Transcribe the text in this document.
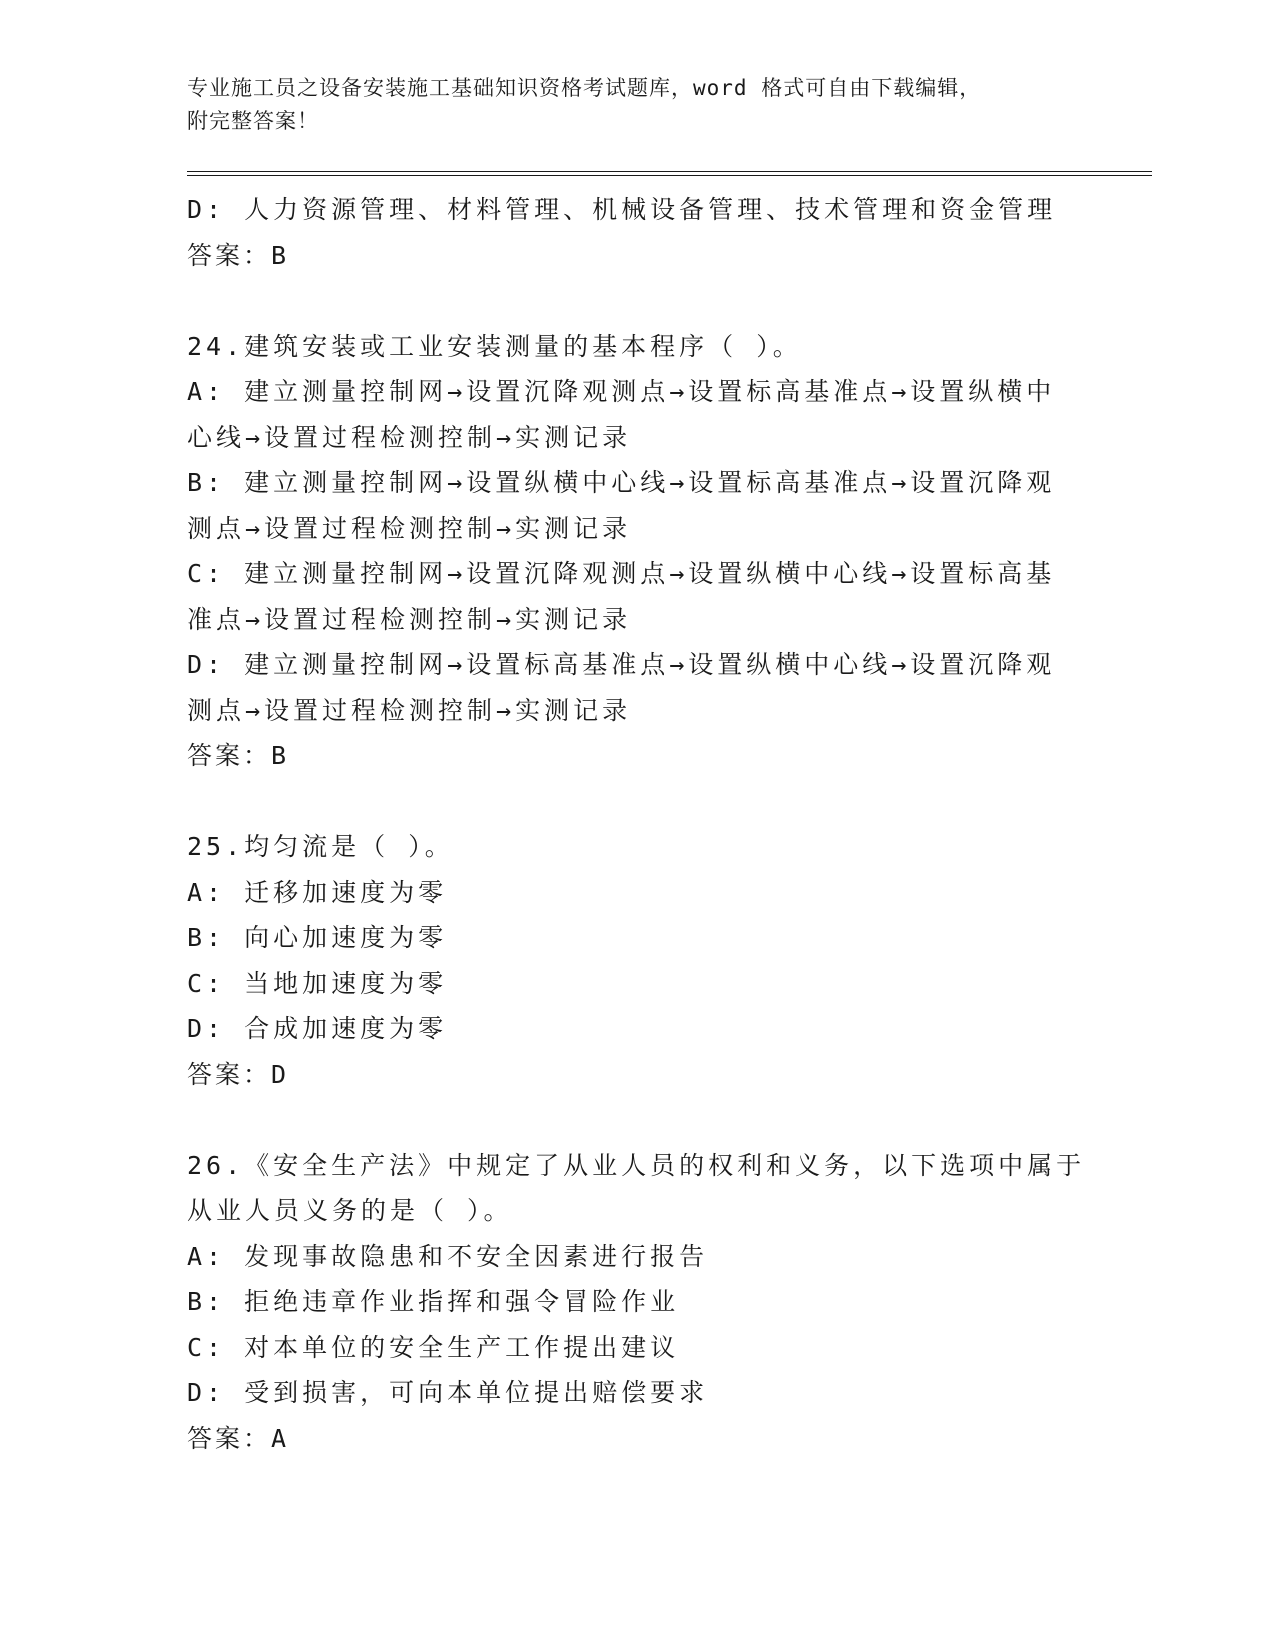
专业施工员之设备安装施工基础知识资格考试题库，word 格式可自由下载编辑，
附完整答案！
D: 人力资源管理、材料管理、机械设备管理、技术管理和资金管理
答案：B
24.建筑安装或工业安装测量的基本程序（ ）。
A: 建立测量控制网→设置沉降观测点→设置标高基准点→设置纵横中
心线→设置过程检测控制→实测记录
B: 建立测量控制网→设置纵横中心线→设置标高基准点→设置沉降观
测点→设置过程检测控制→实测记录
C: 建立测量控制网→设置沉降观测点→设置纵横中心线→设置标高基
准点→设置过程检测控制→实测记录
D: 建立测量控制网→设置标高基准点→设置纵横中心线→设置沉降观
测点→设置过程检测控制→实测记录
答案：B
25.均匀流是（ ）。
A: 迁移加速度为零
B: 向心加速度为零
C: 当地加速度为零
D: 合成加速度为零
答案：D
26.《安全生产法》中规定了从业人员的权利和义务，以下选项中属于
从业人员义务的是（ ）。
A: 发现事故隐患和不安全因素进行报告
B: 拒绝违章作业指挥和强令冒险作业
C: 对本单位的安全生产工作提出建议
D: 受到损害，可向本单位提出赔偿要求
答案：A
